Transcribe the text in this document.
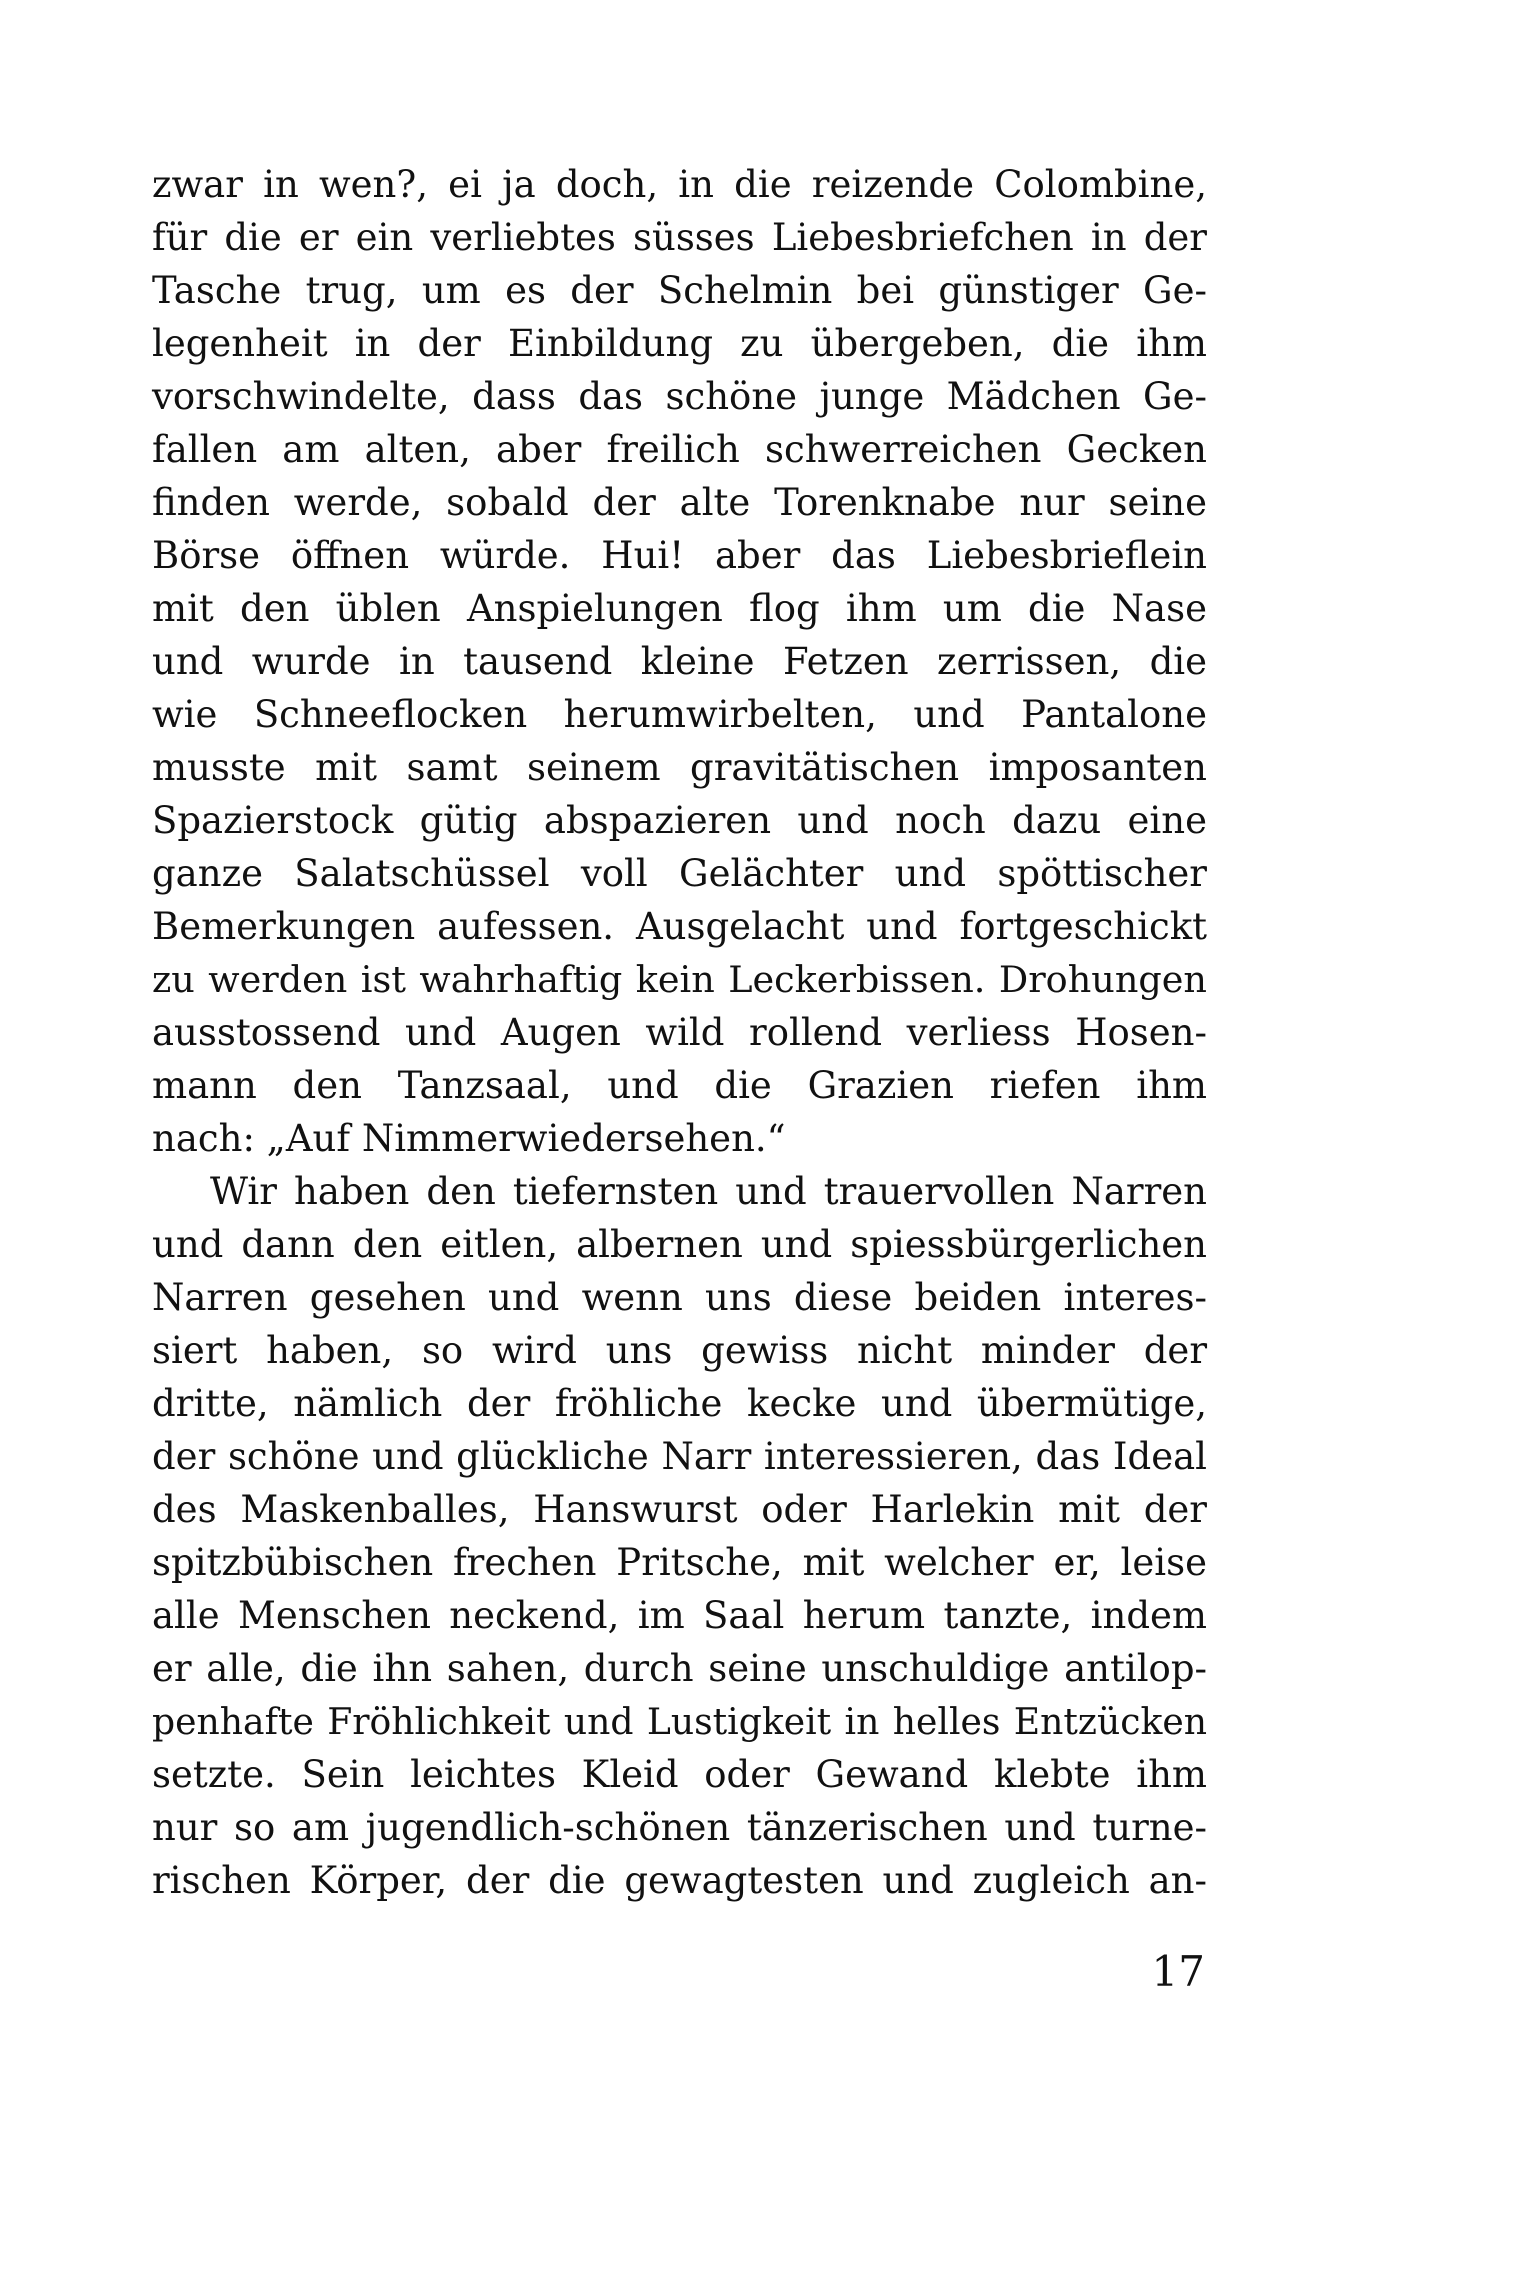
zwar in wen?, ei ja doch, in die reizende Colombine,
für die er ein verliebtes süsses Liebesbriefchen in der
Tasche trug, um es der Schelmin bei günstiger Ge-
legenheit in der Einbildung zu übergeben, die ihm
vorschwindelte, dass das schöne junge Mädchen Ge-
fallen am alten, aber freilich schwerreichen Gecken
finden werde, sobald der alte Torenknabe nur seine
Börse öffnen würde. Hui! aber das Liebesbrieflein
mit den üblen Anspielungen flog ihm um die Nase
und wurde in tausend kleine Fetzen zerrissen, die
wie Schneeflocken herumwirbelten, und Pantalone
musste mit samt seinem gravitätischen imposanten
Spazierstock gütig abspazieren und noch dazu eine
ganze Salatschüssel voll Gelächter und spöttischer
Bemerkungen aufessen. Ausgelacht und fortgeschickt
zu werden ist wahrhaftig kein Leckerbissen. Drohungen
ausstossend und Augen wild rollend verliess Hosen-
mann den Tanzsaal, und die Grazien riefen ihm
nach: „Auf Nimmerwiedersehen.“
Wir haben den tiefernsten und trauervollen Narren
und dann den eitlen, albernen und spiessbürgerlichen
Narren gesehen und wenn uns diese beiden interes-
siert haben, so wird uns gewiss nicht minder der
dritte, nämlich der fröhliche kecke und übermütige,
der schöne und glückliche Narr interessieren, das Ideal
des Maskenballes, Hanswurst oder Harlekin mit der
spitzbübischen frechen Pritsche, mit welcher er, leise
alle Menschen neckend, im Saal herum tanzte, indem
er alle, die ihn sahen, durch seine unschuldige antilop-
penhafte Fröhlichkeit und Lustigkeit in helles Entzücken
setzte. Sein leichtes Kleid oder Gewand klebte ihm
nur so am jugendlich-schönen tänzerischen und turne-
rischen Körper, der die gewagtesten und zugleich an-
17
